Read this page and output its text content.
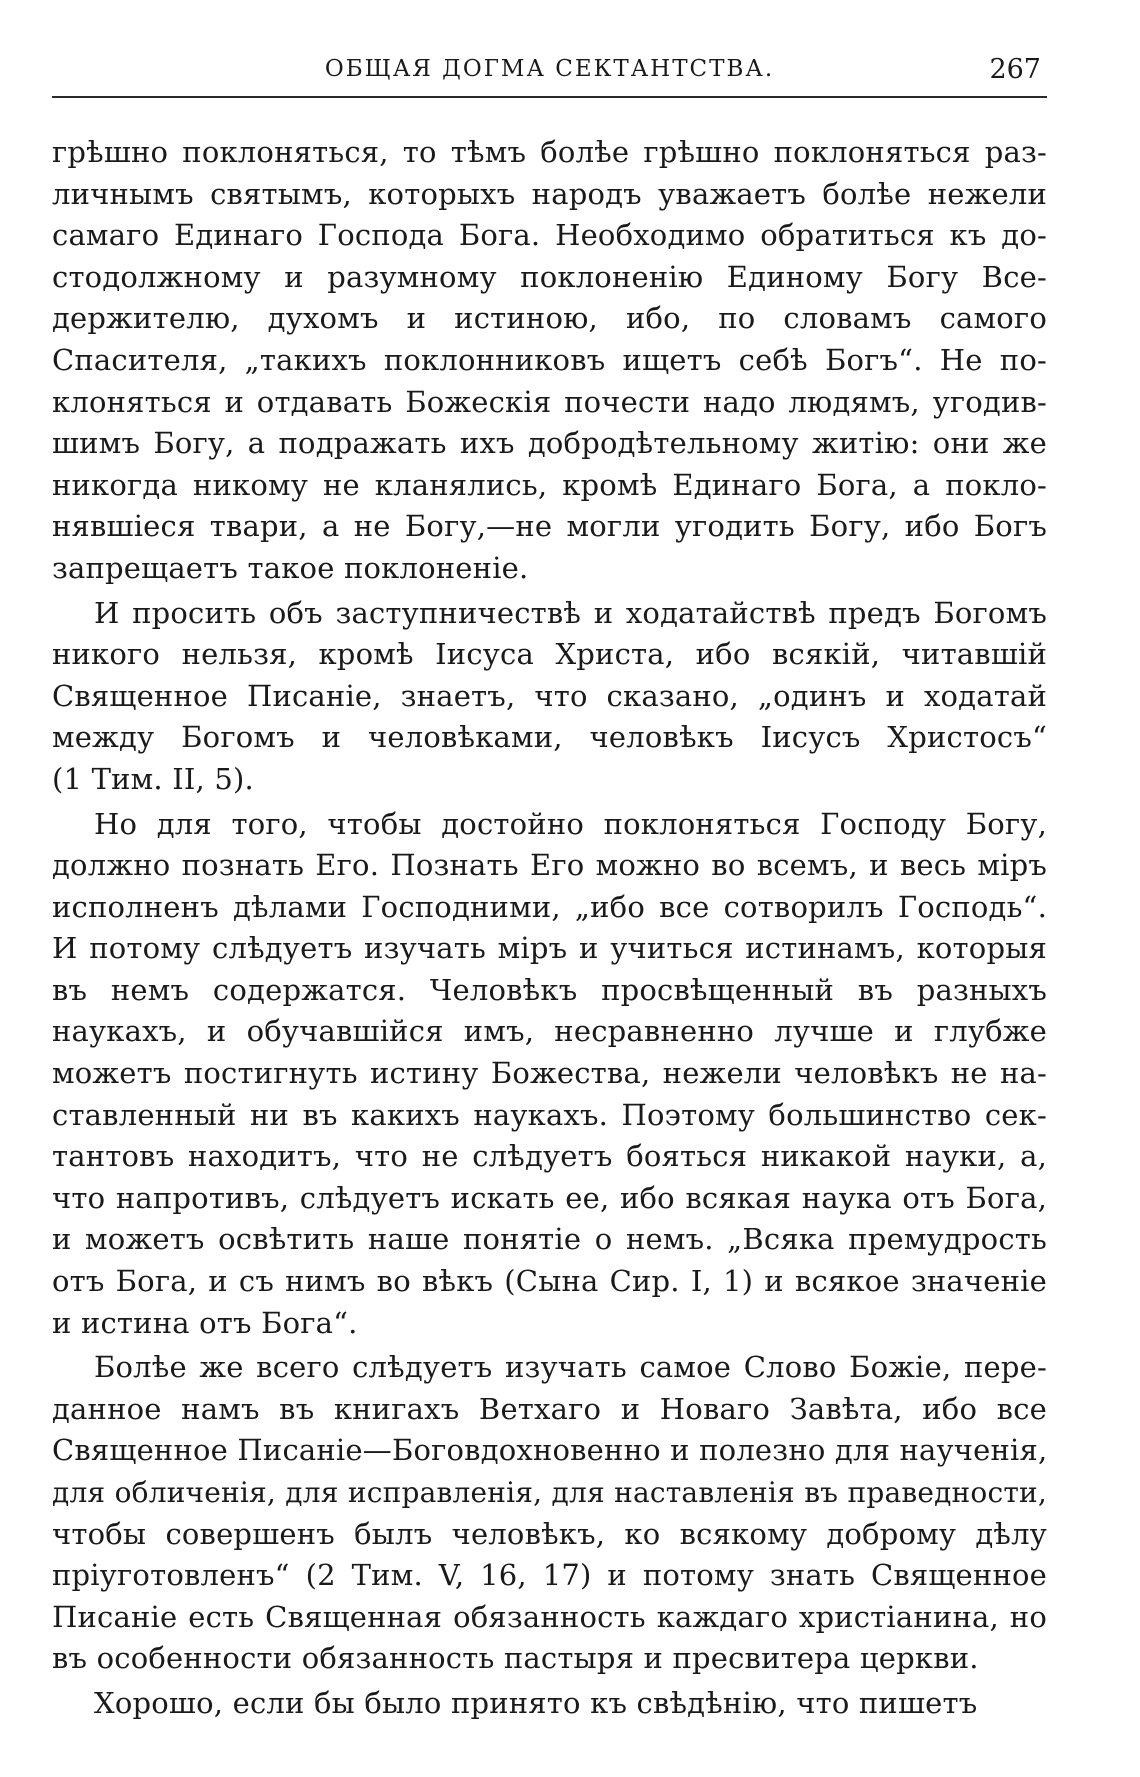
ОБЩАЯ ДОГМА СЕКТАНТСТВА.	267

грѣшно поклоняться, то тѣмъ болѣе грѣшно поклоняться раз-
личнымъ святымъ, которыхъ народъ уважаетъ болѣе нежели
самаго Единаго Господа Бога. Необходимо обратиться къ до-
стодолжному и разумному поклоненію Единому Богу Все-
держителю, духомъ и истиною, ибо, по словамъ самого
Спасителя, „такихъ поклонниковъ ищетъ себѣ Богъ“. Не по-
клоняться и отдавать Божескія почести надо людямъ, угодив-
шимъ Богу, а подражать ихъ добродѣтельному житію: они же
никогда никому не кланялись, кромѣ Единаго Бога, а покло-
нявшіеся твари, а не Богу,—не могли угодить Богу, ибо Богъ
запрещаетъ такое поклоненіе.

И просить объ заступничествѣ и ходатайствѣ предъ Богомъ
никого нельзя, кромѣ Іисуса Христа, ибо всякій, читавшій
Священное Писаніе, знаетъ, что сказано, „одинъ и ходатай
между Богомъ и человѣками, человѣкъ Іисусъ Христосъ“
(1 Тим. II, 5).

Но для того, чтобы достойно поклоняться Господу Богу,
должно познать Его. Познать Его можно во всемъ, и весь міръ
исполненъ дѣлами Господними, „ибо все сотворилъ Господь“.
И потому слѣдуетъ изучать міръ и учиться истинамъ, которыя
въ немъ содержатся. Человѣкъ просвѣщенный въ разныхъ
наукахъ, и обучавшійся имъ, несравненно лучше и глубже
можетъ постигнуть истину Божества, нежели человѣкъ не на-
ставленный ни въ какихъ наукахъ. Поэтому большинство сек-
тантовъ находитъ, что не слѣдуетъ бояться никакой науки, а,
что напротивъ, слѣдуетъ искать ее, ибо всякая наука отъ Бога,
и можетъ освѣтить наше понятіе о немъ. „Всяка премудрость
отъ Бога, и съ нимъ во вѣкъ (Сына Сир. I, 1) и всякое значеніе
и истина отъ Бога“.

Болѣе же всего слѣдуетъ изучать самое Слово Божіе, пере-
данное намъ въ книгахъ Ветхаго и Новаго Завѣта, ибо все
Священное Писаніе—Боговдохновенно и полезно для наученія,
для обличенія, для исправленія, для наставленія въ праведности,
чтобы совершенъ былъ человѣкъ, ко всякому доброму дѣлу
пріуготовленъ“ (2 Тим. V, 16, 17) и потому знать Священное
Писаніе есть Священная обязанность каждаго христіанина, но
въ особенности обязанность пастыря и пресвитера церкви.

Хорошо, если бы было принято къ свѣдѣнію, что пишетъ
